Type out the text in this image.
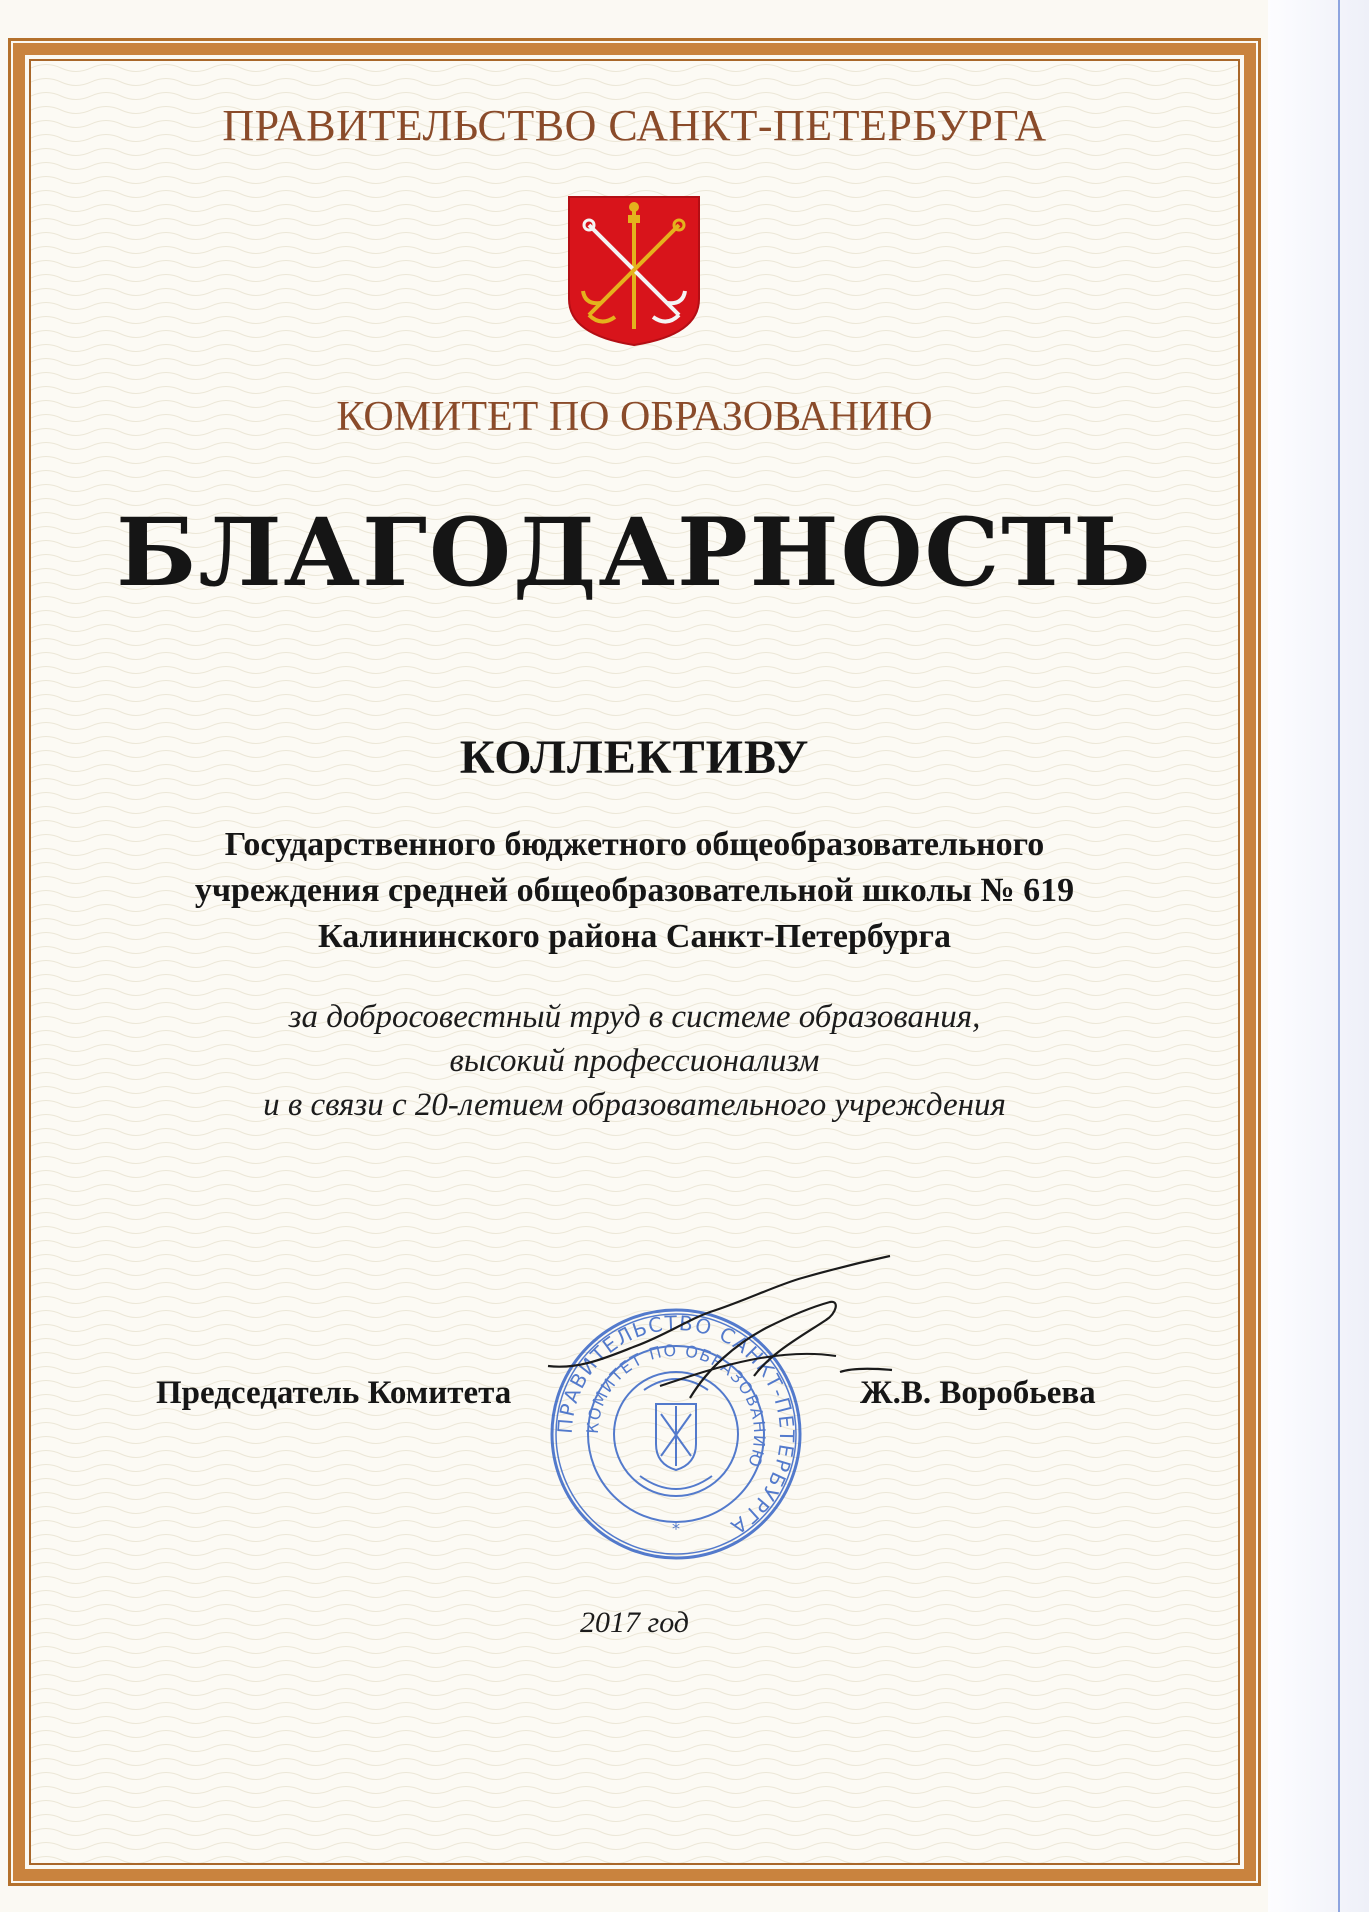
ПРАВИТЕЛЬСТВО САНКТ-ПЕТЕРБУРГА

КОМИТЕТ ПО ОБРАЗОВАНИЮ

БЛАГОДАРНОСТЬ

КОЛЛЕКТИВУ

Государственного бюджетного общеобразовательного

учреждения средней общеобразовательной школы № 619

Калининского района Санкт-Петербурга

за добросовестный труд в системе образования,

высокий профессионализм

и в связи с 20-летием образовательного учреждения

ПРАВИТЕЛЬСТВО САНКТ-ПЕТЕРБУРГА
КОМИТЕТ ПО ОБРАЗОВАНИЮ
*

Председатель Комитета	Ж.В. Воробьева

2017 год
